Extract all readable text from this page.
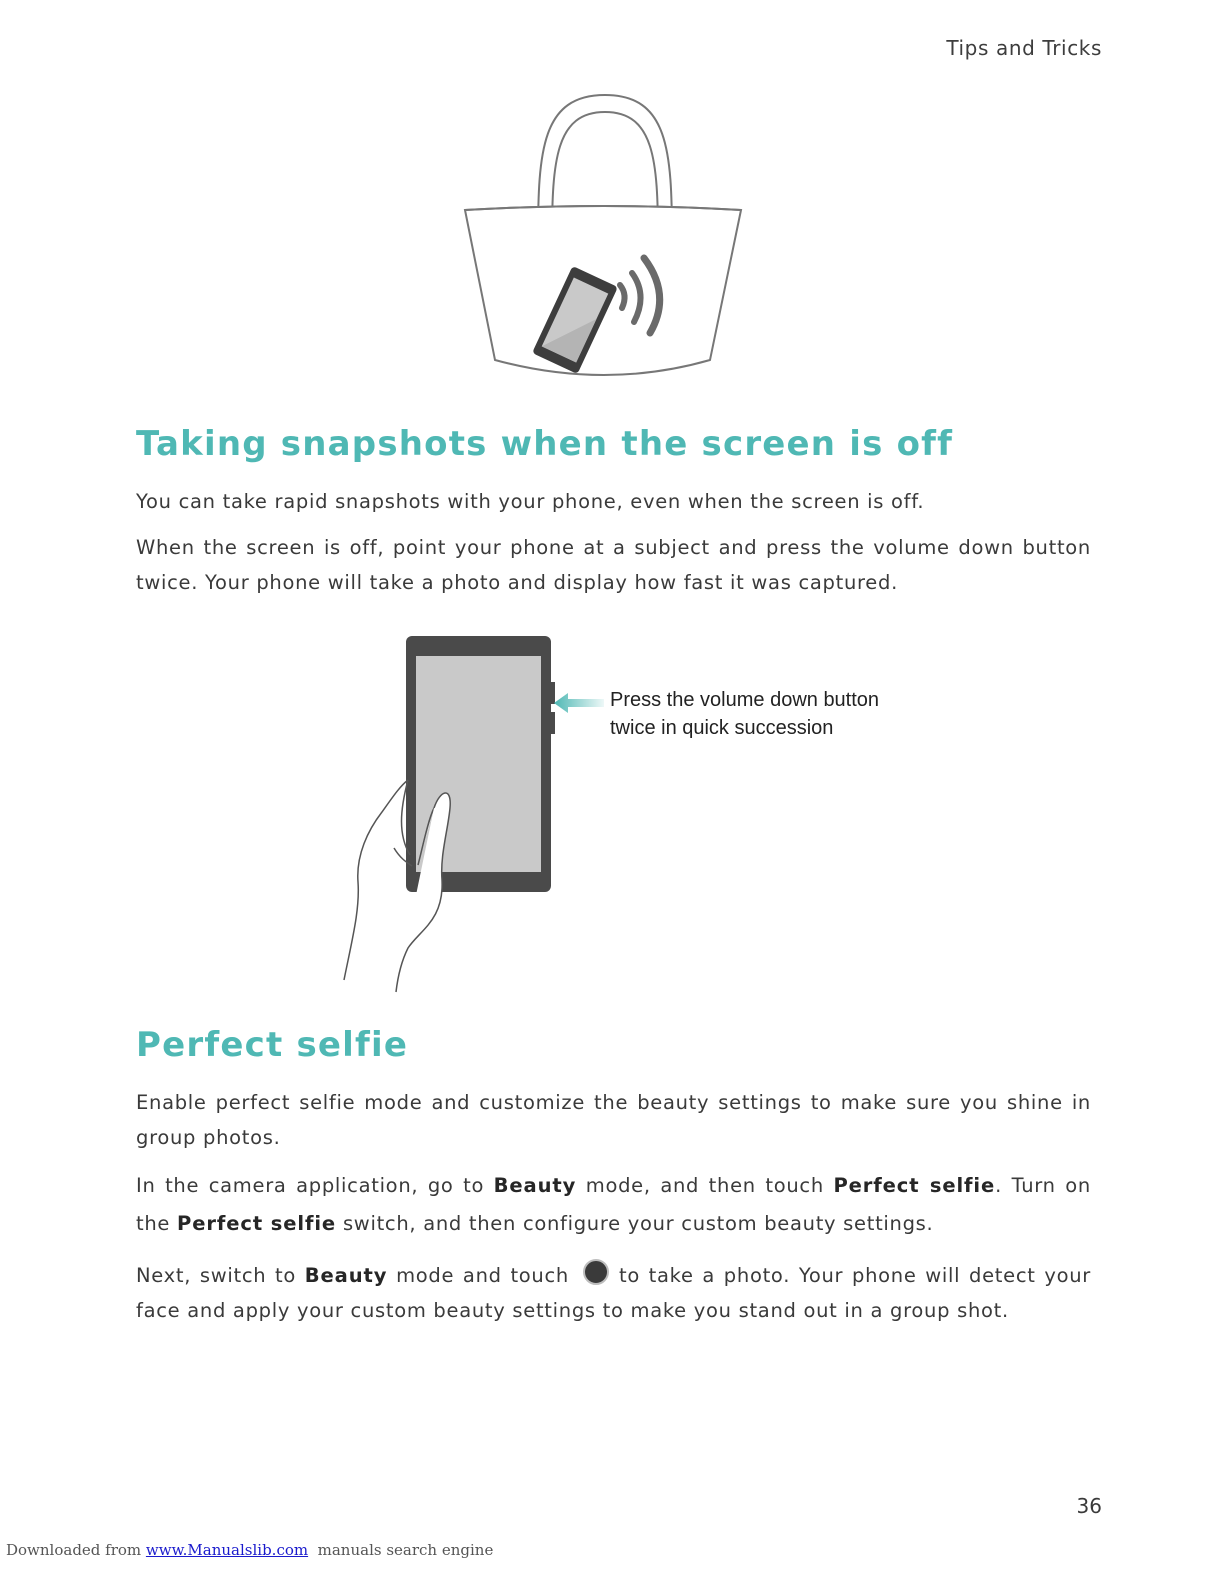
Tips and Tricks
Taking snapshots when the screen is off

You can take rapid snapshots with your phone, even when the screen is off.

When the screen is off, point your phone at a subject and press the volume down button twice. Your phone will take a photo and display how fast it was captured.

Press the volume down button
twice in quick succession
Perfect selfie

Enable perfect selfie mode and customize the beauty settings to make sure you shine in group photos.

In the camera application, go to Beauty mode, and then touch Perfect selfie. Turn on the Perfect selfie switch, and then configure your custom beauty settings.

Next, switch to Beauty mode and touch	to take a photo. Your phone will detect your face and apply your custom beauty settings to make you stand out in a group shot.

36
Downloaded from www.Manualslib.com  manuals search engine
